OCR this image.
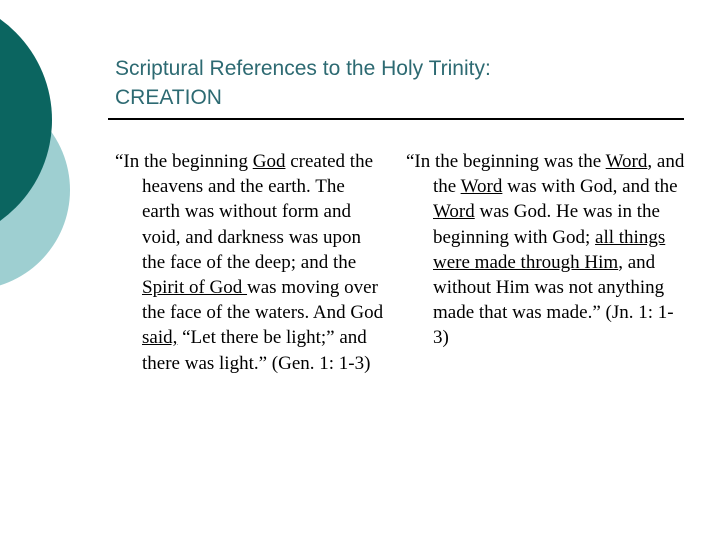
Scriptural References to the Holy Trinity:
CREATION

“In the beginning God created the heavens and the earth. The earth was without form and void, and darkness was upon the face of the deep; and the Spirit of God was moving over the face of the waters. And God said, “Let there be light;” and there was light.” (Gen. 1: 1-3)

“In the beginning was the Word, and the Word was with God, and the Word was God. He was in the beginning with God; all things were made through Him, and without Him was not anything made that was made.” (Jn. 1: 1-3)
